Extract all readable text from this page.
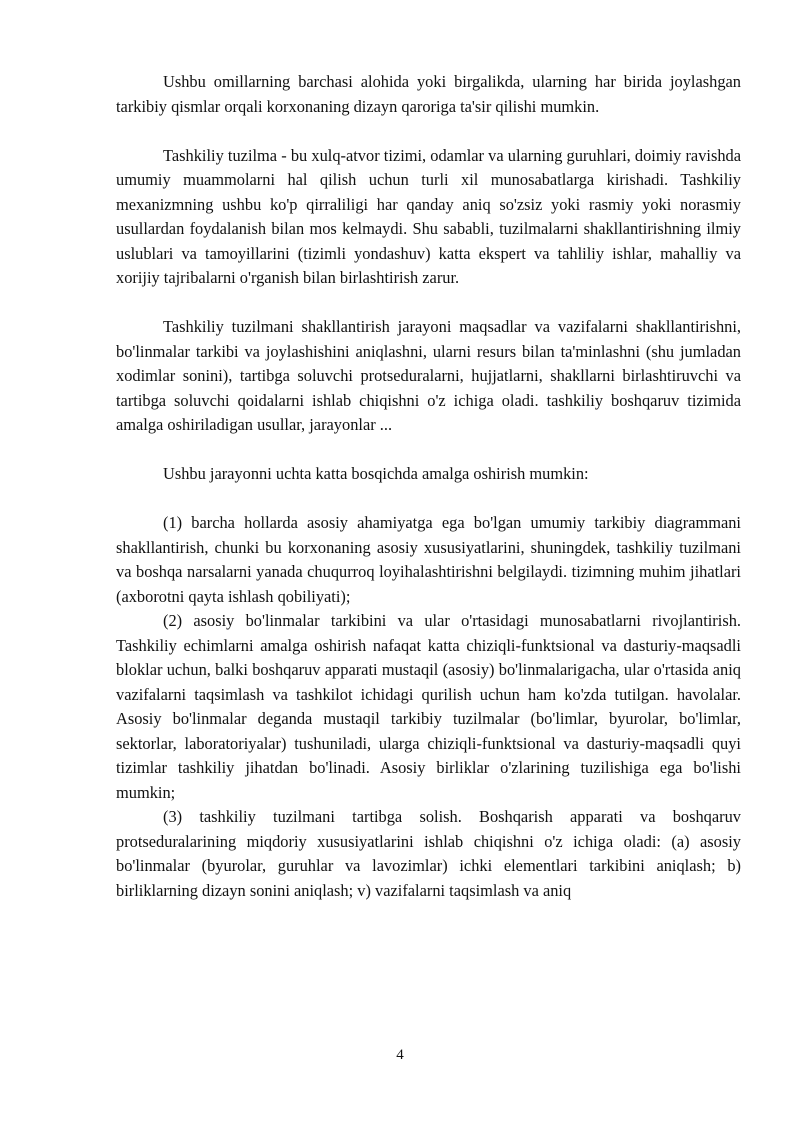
Ushbu omillarning barchasi alohida yoki birgalikda, ularning har birida joylashgan tarkibiy qismlar orqali korxonaning dizayn qaroriga ta'sir qilishi mumkin.

Tashkiliy tuzilma - bu xulq-atvor tizimi, odamlar va ularning guruhlari, doimiy ravishda umumiy muammolarni hal qilish uchun turli xil munosabatlarga kirishadi. Tashkiliy mexanizmning ushbu ko'p qirraliligi har qanday aniq so'zsiz yoki rasmiy yoki norasmiy usullardan foydalanish bilan mos kelmaydi. Shu sababli, tuzilmalarni shakllantirishning ilmiy uslublari va tamoyillarini (tizimli yondashuv) katta ekspert va tahliliy ishlar, mahalliy va xorijiy tajribalarni o'rganish bilan birlashtirish zarur.

Tashkiliy tuzilmani shakllantirish jarayoni maqsadlar va vazifalarni shakllantirishni, bo'linmalar tarkibi va joylashishini aniqlashni, ularni resurs bilan ta'minlashni (shu jumladan xodimlar sonini), tartibga soluvchi protseduralarni, hujjatlarni, shakllarni birlashtiruvchi va tartibga soluvchi qoidalarni ishlab chiqishni o'z ichiga oladi. tashkiliy boshqaruv tizimida amalga oshiriladigan usullar, jarayonlar ...

Ushbu jarayonni uchta katta bosqichda amalga oshirish mumkin:

(1) barcha hollarda asosiy ahamiyatga ega bo'lgan umumiy tarkibiy diagrammani shakllantirish, chunki bu korxonaning asosiy xususiyatlarini, shuningdek, tashkiliy tuzilmani va boshqa narsalarni yanada chuqurroq loyihalashtirishni belgilaydi. tizimning muhim jihatlari (axborotni qayta ishlash qobiliyati);

(2) asosiy bo'linmalar tarkibini va ular o'rtasidagi munosabatlarni rivojlantirish. Tashkiliy echimlarni amalga oshirish nafaqat katta chiziqli-funktsional va dasturiy-maqsadli bloklar uchun, balki boshqaruv apparati mustaqil (asosiy) bo'linmalarigacha, ular o'rtasida aniq vazifalarni taqsimlash va tashkilot ichidagi qurilish uchun ham ko'zda tutilgan. havolalar. Asosiy bo'linmalar deganda mustaqil tarkibiy tuzilmalar (bo'limlar, byurolar, bo'limlar, sektorlar, laboratoriyalar) tushuniladi, ularga chiziqli-funktsional va dasturiy-maqsadli quyi tizimlar tashkiliy jihatdan bo'linadi. Asosiy birliklar o'zlarining tuzilishiga ega bo'lishi mumkin;

(3) tashkiliy tuzilmani tartibga solish. Boshqarish apparati va boshqaruv protseduralarining miqdoriy xususiyatlarini ishlab chiqishni o'z ichiga oladi: (a) asosiy bo'linmalar (byurolar, guruhlar va lavozimlar) ichki elementlari tarkibini aniqlash; b) birliklarning dizayn sonini aniqlash; v) vazifalarni taqsimlash va aniq

4
